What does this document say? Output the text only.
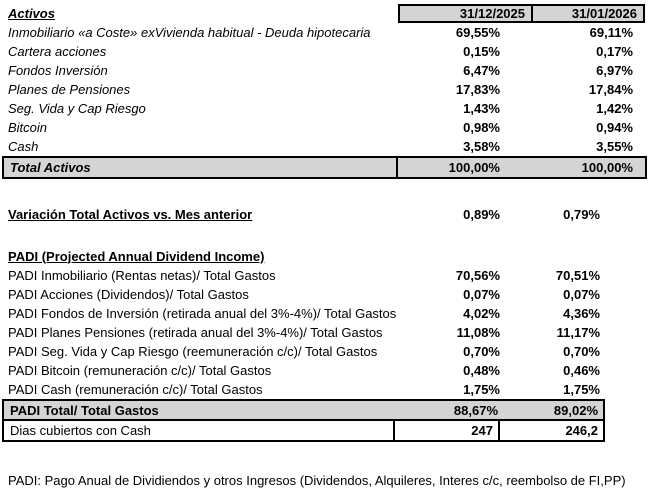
Activos	31/12/2025	31/01/2026
Inmobiliario «a Coste» exVivienda habitual - Deuda hipotecaria	69,55%	69,11%
Cartera acciones	0,15%	0,17%
Fondos Inversión	6,47%	6,97%
Planes de Pensiones	17,83%	17,84%
Seg. Vida y Cap Riesgo	1,43%	1,42%
Bitcoin	0,98%	0,94%
Cash	3,58%	3,55%
Total Activos	100,00%	100,00%
Variación Total Activos vs. Mes anterior	0,89%	0,79%
PADI (Projected Annual Dividend Income)
PADI Inmobiliario (Rentas netas)/ Total Gastos	70,56%	70,51%
PADI Acciones (Dividendos)/ Total Gastos	0,07%	0,07%
PADI Fondos de Inversión (retirada anual del 3%-4%)/ Total Gastos	4,02%	4,36%
PADI Planes Pensiones (retirada anual del 3%-4%)/ Total Gastos	11,08%	11,17%
PADI Seg. Vida y Cap Riesgo (reemuneración c/c)/ Total Gastos	0,70%	0,70%
PADI Bitcoin (remuneración c/c)/ Total Gastos	0,48%	0,46%
PADI Cash (remuneración c/c)/ Total Gastos	1,75%	1,75%
PADI Total/ Total Gastos	88,67%	89,02%
Dias cubiertos con Cash	247	246,2
PADI: Pago Anual de Dividiendos y otros Ingresos (Dividendos, Alquileres, Interes c/c, reembolso de FI,PP)
